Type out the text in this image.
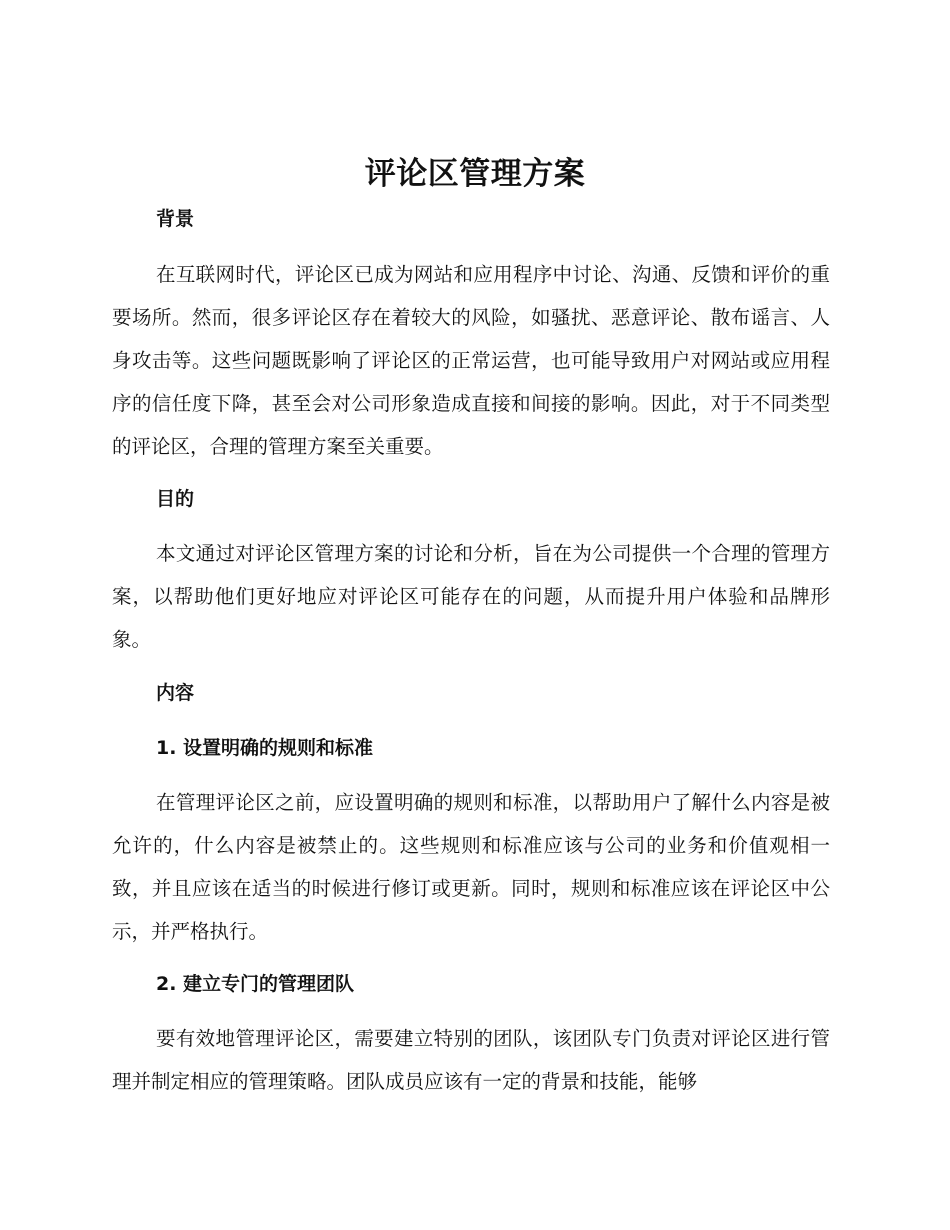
评论区管理方案
背景

在互联网时代，评论区已成为网站和应用程序中讨论、沟通、反馈和评价的重要场所。然而，很多评论区存在着较大的风险，如骚扰、恶意评论、散布谣言、人身攻击等。这些问题既影响了评论区的正常运营，也可能导致用户对网站或应用程序的信任度下降，甚至会对公司形象造成直接和间接的影响。因此，对于不同类型的评论区，合理的管理方案至关重要。

目的

本文通过对评论区管理方案的讨论和分析，旨在为公司提供一个合理的管理方案，以帮助他们更好地应对评论区可能存在的问题，从而提升用户体验和品牌形象。

内容
1. 设置明确的规则和标准

在管理评论区之前，应设置明确的规则和标准，以帮助用户了解什么内容是被允许的，什么内容是被禁止的。这些规则和标准应该与公司的业务和价值观相一致，并且应该在适当的时候进行修订或更新。同时，规则和标准应该在评论区中公示，并严格执行。

2. 建立专门的管理团队

要有效地管理评论区，需要建立特别的团队，该团队专门负责对评论区进行管理并制定相应的管理策略。团队成员应该有一定的背景和技能，能够
